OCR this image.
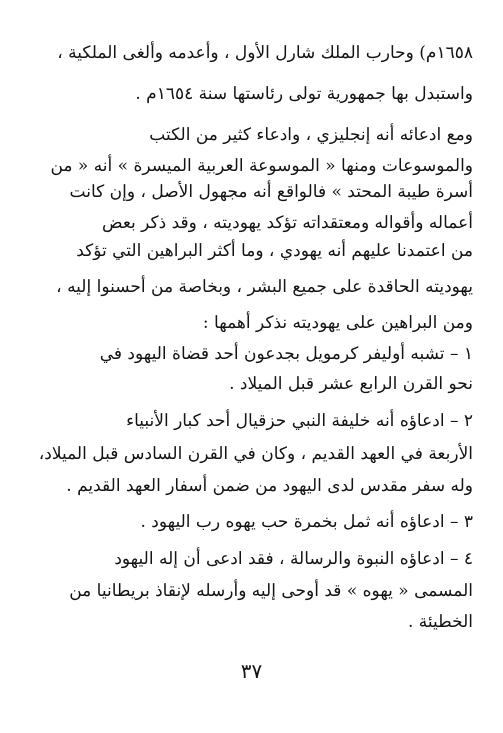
١٦٥٨م) وحارب الملك شارل الأول ، وأعدمه وألغى الملكية ،
واستبدل بها جمهورية تولى رئاستها سنة ١٦٥٤م .
ومع ادعائه أنه إنجليزي ، وادعاء كثير من الكتب
والموسوعات ومنها « الموسوعة العربية الميسرة » أنه « من
أسرة طيبة المحتد » فالواقع أنه مجهول الأصل ، وإن كانت
أعماله وأقواله ومعتقداته تؤكد يهوديته ، وقد ذكر بعض
من اعتمدنا عليهم أنه يهودي ، وما أكثر البراهين التي تؤكد
يهوديته الحاقدة على جميع البشر ، وبخاصة من أحسنوا إليه ،
ومن البراهين على يهوديته نذكر أهمها :
١ – تشبه أوليفر كرمويل بجدعون أحد قضاة اليهود في
نحو القرن الرابع عشر قبل الميلاد .
٢ – ادعاؤه أنه خليفة النبي حزقيال أحد كبار الأنبياء
الأربعة في العهد القديم ، وكان في القرن السادس قبل الميلاد،
وله سفر مقدس لدى اليهود من ضمن أسفار العهد القديم .
٣ – ادعاؤه أنه ثمل بخمرة حب يهوه رب اليهود .
٤ – ادعاؤه النبوة والرسالة ، فقد ادعى أن إله اليهود
المسمى « يهوه » قد أوحى إليه وأرسله لإنقاذ بريطانيا من
الخطيئة .
٣٧
